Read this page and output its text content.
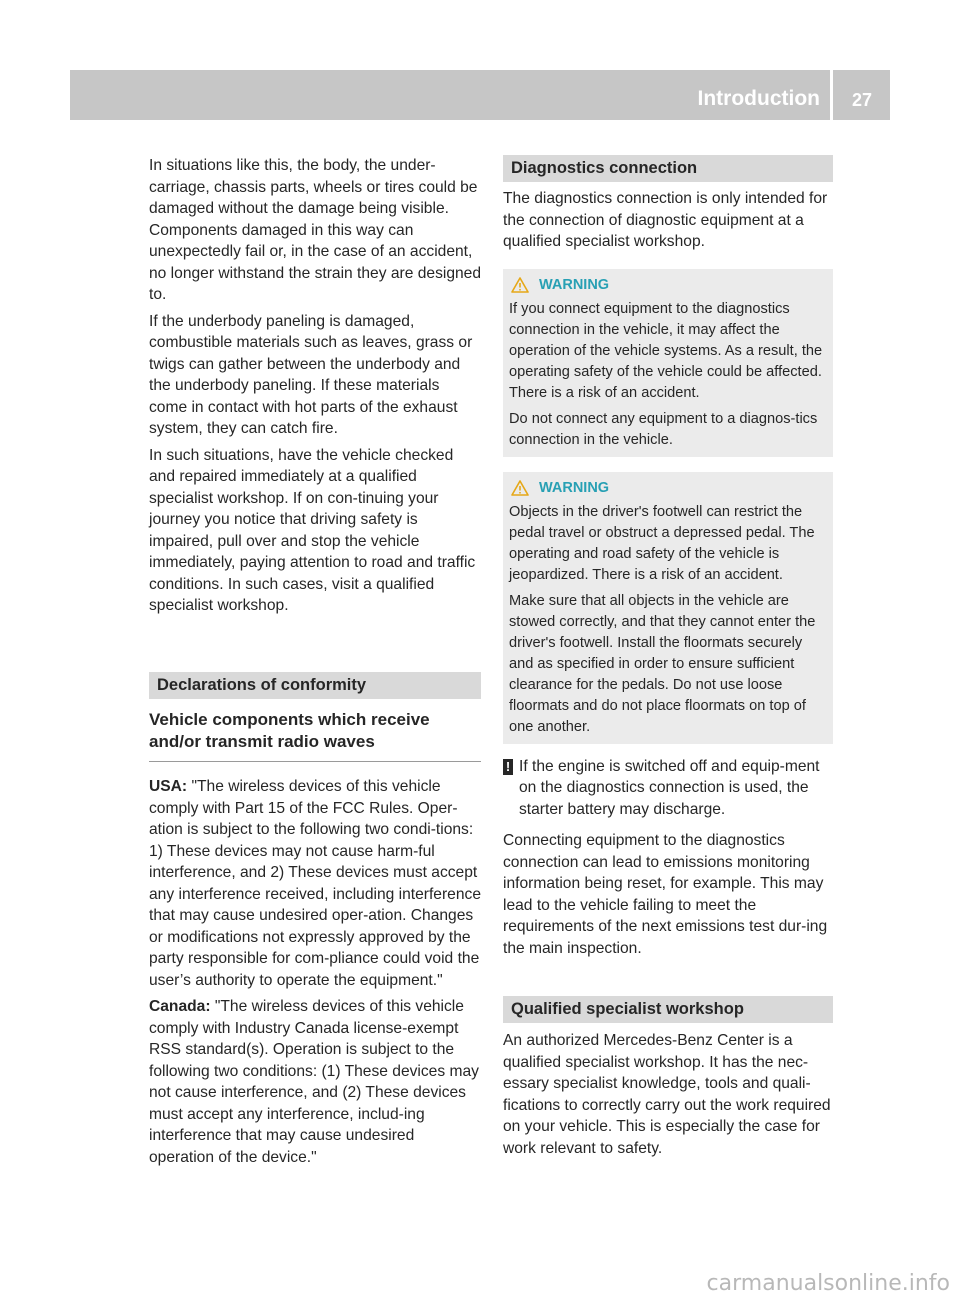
Introduction	27

In situations like this, the body, the under-carriage, chassis parts, wheels or tires could be damaged without the damage being visible. Components damaged in this way can unexpectedly fail or, in the case of an accident, no longer withstand the strain they are designed to.

If the underbody paneling is damaged, combustible materials such as leaves, grass or twigs can gather between the underbody and the underbody paneling. If these materials come in contact with hot parts of the exhaust system, they can catch fire.

In such situations, have the vehicle checked and repaired immediately at a qualified specialist workshop. If on con-tinuing your journey you notice that driving safety is impaired, pull over and stop the vehicle immediately, paying attention to road and traffic conditions. In such cases, visit a qualified specialist workshop.

Declarations of conformity
Vehicle components which receive and/or transmit radio waves

USA: "The wireless devices of this vehicle comply with Part 15 of the FCC Rules. Oper-ation is subject to the following two condi-tions: 1) These devices may not cause harm-ful interference, and 2) These devices must accept any interference received, including interference that may cause undesired oper-ation. Changes or modifications not expressly approved by the party responsible for com-pliance could void the user’s authority to operate the equipment."

Canada: "The wireless devices of this vehicle comply with Industry Canada license-exempt RSS standard(s). Operation is subject to the following two conditions: (1) These devices may not cause interference, and (2) These devices must accept any interference, includ-ing interference that may cause undesired operation of the device."

Diagnostics connection

The diagnostics connection is only intended for the connection of diagnostic equipment at a qualified specialist workshop.

WARNING

If you connect equipment to the diagnostics connection in the vehicle, it may affect the operation of the vehicle systems. As a result, the operating safety of the vehicle could be affected. There is a risk of an accident.

Do not connect any equipment to a diagnos-tics connection in the vehicle.

WARNING

Objects in the driver's footwell can restrict the pedal travel or obstruct a depressed pedal. The operating and road safety of the vehicle is jeopardized. There is a risk of an accident.

Make sure that all objects in the vehicle are stowed correctly, and that they cannot enter the driver's footwell. Install the floormats securely and as specified in order to ensure sufficient clearance for the pedals. Do not use loose floormats and do not place floormats on top of one another.

! If the engine is switched off and equip-ment on the diagnostics connection is used, the starter battery may discharge.

Connecting equipment to the diagnostics connection can lead to emissions monitoring information being reset, for example. This may lead to the vehicle failing to meet the requirements of the next emissions test dur-ing the main inspection.

Qualified specialist workshop

An authorized Mercedes-Benz Center is a qualified specialist workshop. It has the nec-essary specialist knowledge, tools and quali-fications to correctly carry out the work required on your vehicle. This is especially the case for work relevant to safety.

carmanualsonline.info
